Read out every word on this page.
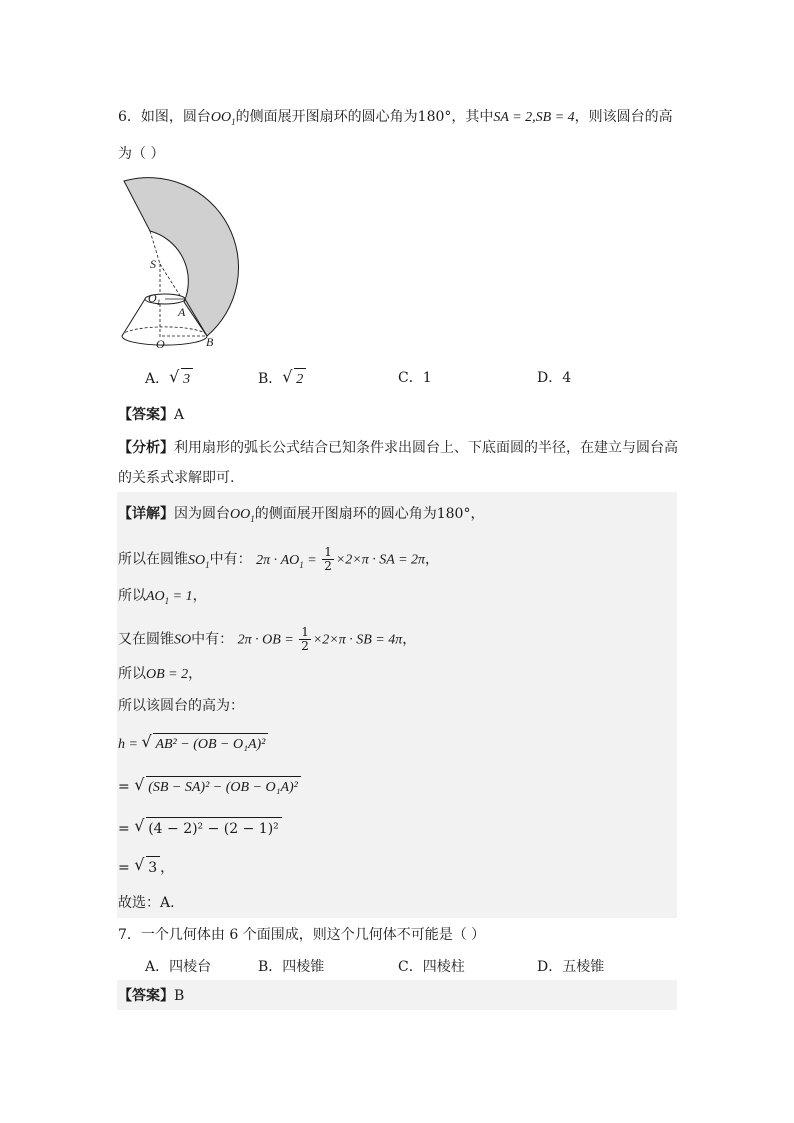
6．如图，圆台$OO_1$的侧面展开图扇环的圆心角为180°，其中SA = 2,SB = 4，则该圆台的高
为（ ）
S
$O_1$
A
O	B
A． √ 3	B． √ 2	C．1	D．4
【答案】A
【分析】利用扇形的弧长公式结合已知条件求出圆台上、下底面圆的半径，在建立与圆台高
的关系式求解即可.
【详解】因为圆台$OO_1$的侧面展开图扇环的圆心角为180°，
所以在圆锥$SO_1$中有： $2\pi \cdot AO_1 = \frac{1}{2} \times 2\times\pi$ · SA = 2π，
所以$AO_1 = 1$，
又在圆锥SO中有： 2π · OB = $\frac{1}{2} \times 2\times\pi$ · SB = 4π，
所以OB = 2，
所以该圆台的高为：
h = √ AB² − (OB − O₁A)²
= √ (SB − SA)² − (OB − O₁A)²
= √ (4 − 2)² − (2 − 1)²
= √ 3 ，
故选：A.
7．一个几何体由 6 个面围成，则这个几何体不可能是（ ）
A．四棱台	B．四棱锥	C．四棱柱	D．五棱锥
【答案】B
